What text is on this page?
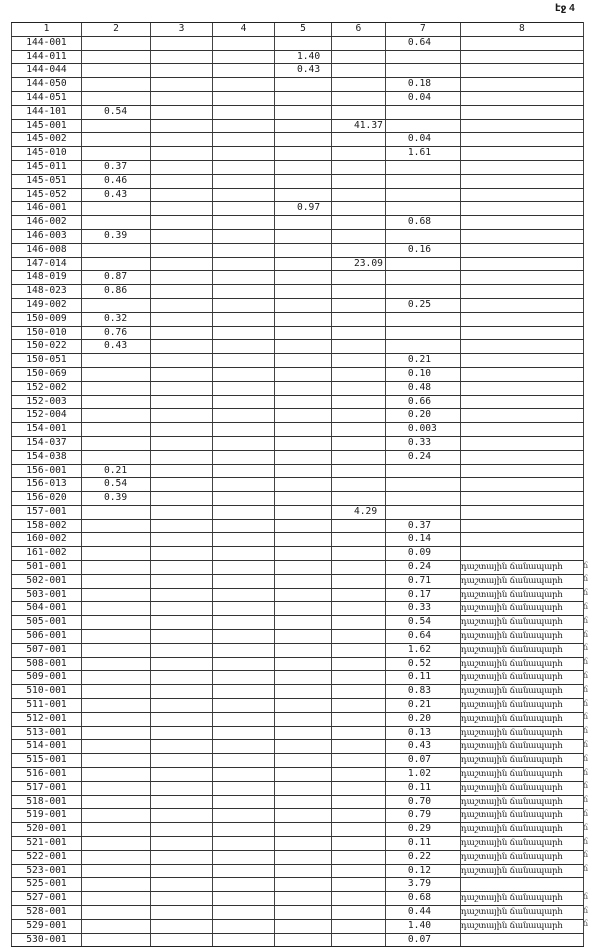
էջ 4
1	2	3	4	5	6	7	8
144-001						0.64	
144-011				1.40			
144-044				0.43			
144-050						0.18	
144-051						0.04	
144-101	0.54						
145-001					41.37		
145-002						0.04	
145-010						1.61	
145-011	0.37						
145-051	0.46						
145-052	0.43						
146-001				0.97			
146-002						0.68	
146-003	0.39						
146-008						0.16	
147-014					23.09		
148-019	0.87						
148-023	0.86						
149-002						0.25	
150-009	0.32						
150-010	0.76						
150-022	0.43						
150-051						0.21	
150-069						0.10	
152-002						0.48	
152-003						0.66	
152-004						0.20	
154-001						0.003	
154-037						0.33	
154-038						0.24	
156-001	0.21						
156-013	0.54						
156-020	0.39						
157-001					4.29		
158-002						0.37	
160-002						0.14	
161-002						0.09	
501-001						0.24	դաշտային ճանապարհ
502-001						0.71	դաշտային ճանապարհ
503-001						0.17	դաշտային ճանապարհ
504-001						0.33	դաշտային ճանապարհ
505-001						0.54	դաշտային ճանապարհ
506-001						0.64	դաշտային ճանապարհ
507-001						1.62	դաշտային ճանապարհ
508-001						0.52	դաշտային ճանապարհ
509-001						0.11	դաշտային ճանապարհ
510-001						0.83	դաշտային ճանապարհ
511-001						0.21	դաշտային ճանապարհ
512-001						0.20	դաշտային ճանապարհ
513-001						0.13	դաշտային ճանապարհ
514-001						0.43	դաշտային ճանապարհ
515-001						0.07	դաշտային ճանապարհ
516-001						1.02	դաշտային ճանապարհ
517-001						0.11	դաշտային ճանապարհ
518-001						0.70	դաշտային ճանապարհ
519-001						0.79	դաշտային ճանապարհ
520-001						0.29	դաշտային ճանապարհ
521-001						0.11	դաշտային ճանապարհ
522-001						0.22	դաշտային ճանապարհ
523-001						0.12	դաշտային ճանապարհ
525-001						3.79	
527-001						0.68	դաշտային ճանապարհ
528-001						0.44	դաշտային ճանապարհ
529-001						1.40	դաշտային ճանապարհ
530-001						0.07	
ճ
ճ
ճ
ճ
ճ
ճ
ճ
ճ
ճ
ճ
ճ
ճ
ճ
ճ
ճ
ճ
ճ
ճ
ճ
ճ
ճ
ճ
ճ
ճ
ճ
ճ
